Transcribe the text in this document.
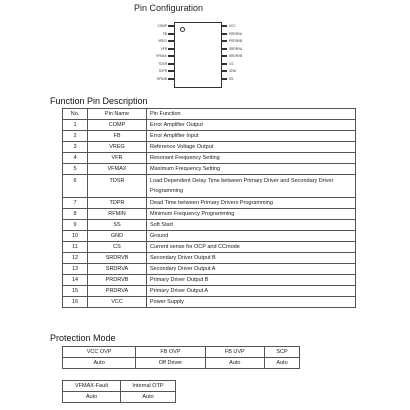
Pin Configuration
COMP
FB
VREG
VFR
VFMAX
TDSR
TDPR
RFMIN
VCC
PRDRVA
PRDRVB
SRDRVA
SRDRVB
CS
GND
SS
Function Pin Description
No.	Pin Name	Pin Function
1	COMP	Error Amplifier Output
2	FB	Error Amplifier Input
3	VREG	Reference Voltage Output
4	VFR	Resonant Frequency Setting
5	VFMAX	Maximum Frequency Setting
6	TDSR	Load Dependent Delay Time between Primary Driver and Secondary Driver Programming
7	TDPR	Dead Time between Primary Drivers Programming
8	RFMIN	Minimum Frequency Programming
9	SS	Soft Start
10	GND	Ground
11	CS	Current sense for OCP and CCmode
12	SRDRVB	Secondary Driver Output B
13	SRDRVA	Secondary Driver Output A
14	PRDRVB	Primary Driver Output B
15	PRDRVA	Primary Driver Output A
16	VCC	Power Supply
Protection Mode
VCC OVP	FB OVP	FB UVP	SCP
Auto	Off Driver	Auto	Auto
VFMAX-Fault	Internal OTP
Auto	Auto
